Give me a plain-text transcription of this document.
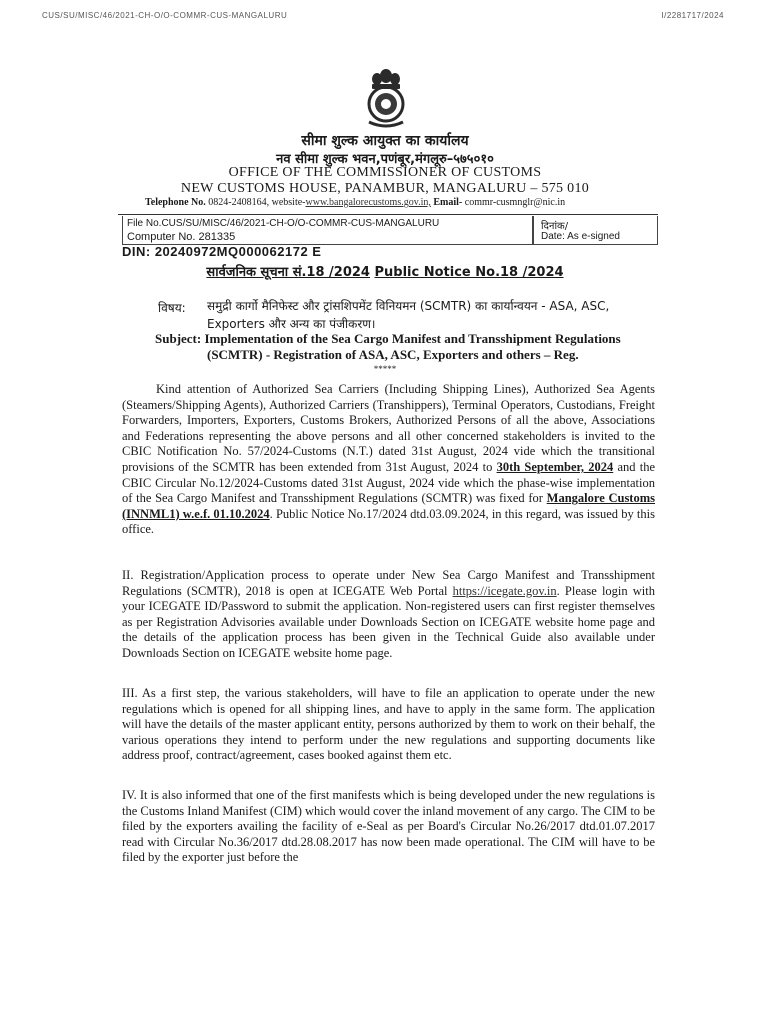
CUS/SU/MISC/46/2021-CH-O/O-COMMR-CUS-MANGALURU	I/2281717/2024
सीमा शुल्क आयुक्त का कार्यालय
नव सीमा शुल्क भवन,पणंबूर,मंगलूरु–५७५०१०
OFFICE OF THE COMMISSIONER OF CUSTOMS
NEW CUSTOMS HOUSE, PANAMBUR, MANGALURU – 575 010
Telephone No. 0824-2408164, website-www.bangalorecustoms.gov.in, Email- commr-cusmnglr@nic.in
File No.CUS/SU/MISC/46/2021-CH-O/O-COMMR-CUS-MANGALURU
Computer No. 281335
दिनांक/
Date: As e-signed
DIN: 20240972MQ000062172 E
सार्वजनिक सूचना सं.18 /2024 Public Notice No.18 /2024
विषय: समुद्री कार्गो मैनिफेस्ट और ट्रांसशिपमेंट विनियमन (SCMTR) का कार्यान्वयन - ASA, ASC, Exporters और अन्य का पंजीकरण।
Subject: Implementation of the Sea Cargo Manifest and Transshipment Regulations
(SCMTR) - Registration of ASA, ASC, Exporters and others – Reg.
*****
Kind attention of Authorized Sea Carriers (Including Shipping Lines), Authorized Sea Agents (Steamers/Shipping Agents), Authorized Carriers (Transhippers), Terminal Operators, Custodians, Freight Forwarders, Importers, Exporters, Customs Brokers, Authorized Persons of all the above, Associations and Federations representing the above persons and all other concerned stakeholders is invited to the CBIC Notification No. 57/2024-Customs (N.T.) dated 31st August, 2024 vide which the transitional provisions of the SCMTR has been extended from 31st August, 2024 to 30th September, 2024 and the CBIC Circular No.12/2024-Customs dated 31st August, 2024 vide which the phase-wise implementation of the Sea Cargo Manifest and Transshipment Regulations (SCMTR) was fixed for Mangalore Customs (INNML1) w.e.f. 01.10.2024. Public Notice No.17/2024 dtd.03.09.2024, in this regard, was issued by this office.
II. Registration/Application process to operate under New Sea Cargo Manifest and Transshipment Regulations (SCMTR), 2018 is open at ICEGATE Web Portal https://icegate.gov.in. Please login with your ICEGATE ID/Password to submit the application. Non-registered users can first register themselves as per Registration Advisories available under Downloads Section on ICEGATE website home page and the details of the application process has been given in the Technical Guide also available under Downloads Section on ICEGATE website home page.
III. As a first step, the various stakeholders, will have to file an application to operate under the new regulations which is opened for all shipping lines, and have to apply in the same form. The application will have the details of the master applicant entity, persons authorized by them to work on their behalf, the various operations they intend to perform under the new regulations and supporting documents like address proof, contract/agreement, cases booked against them etc.
IV. It is also informed that one of the first manifests which is being developed under the new regulations is the Customs Inland Manifest (CIM) which would cover the inland movement of any cargo. The CIM to be filed by the exporters availing the facility of e-Seal as per Board's Circular No.26/2017 dtd.01.07.2017 read with Circular No.36/2017 dtd.28.08.2017 has now been made operational. The CIM will have to be filed by the exporter just before the
